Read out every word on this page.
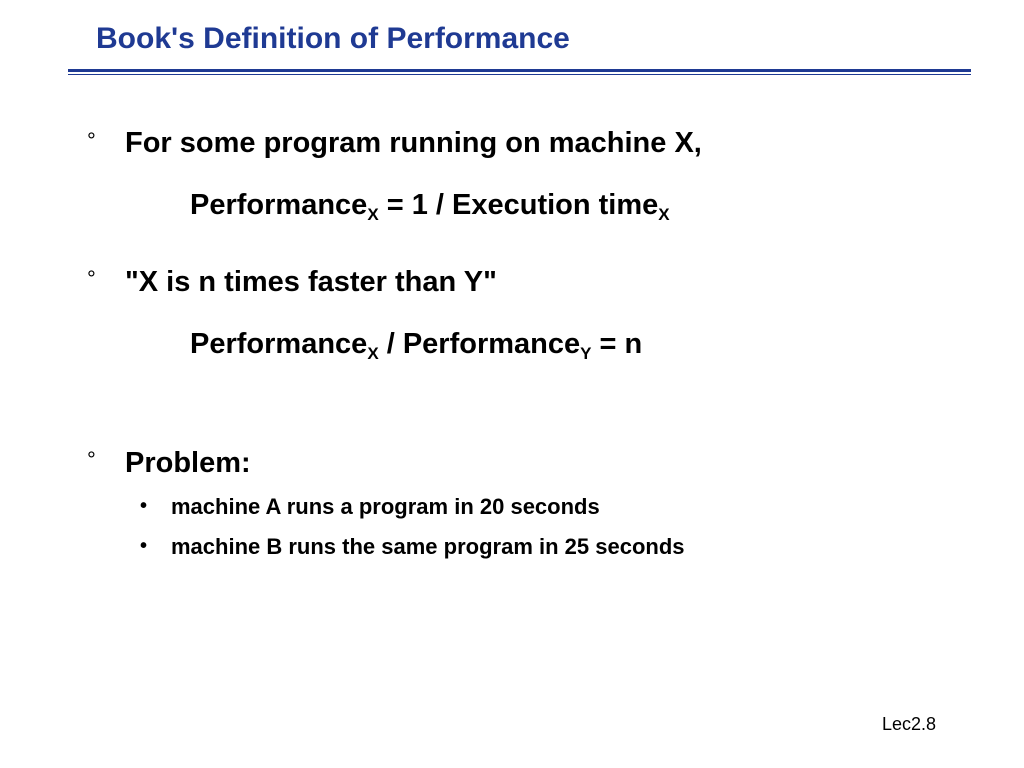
Book's Definition of Performance
° For some program running on machine X,
Performance$_X$ = 1 / Execution time$_X$
° "X is n times faster than Y"
Performance$_X$ / Performance$_Y$ = n
° Problem:
• machine A runs a program in 20 seconds
• machine B runs the same program in 25 seconds
Lec2.8
